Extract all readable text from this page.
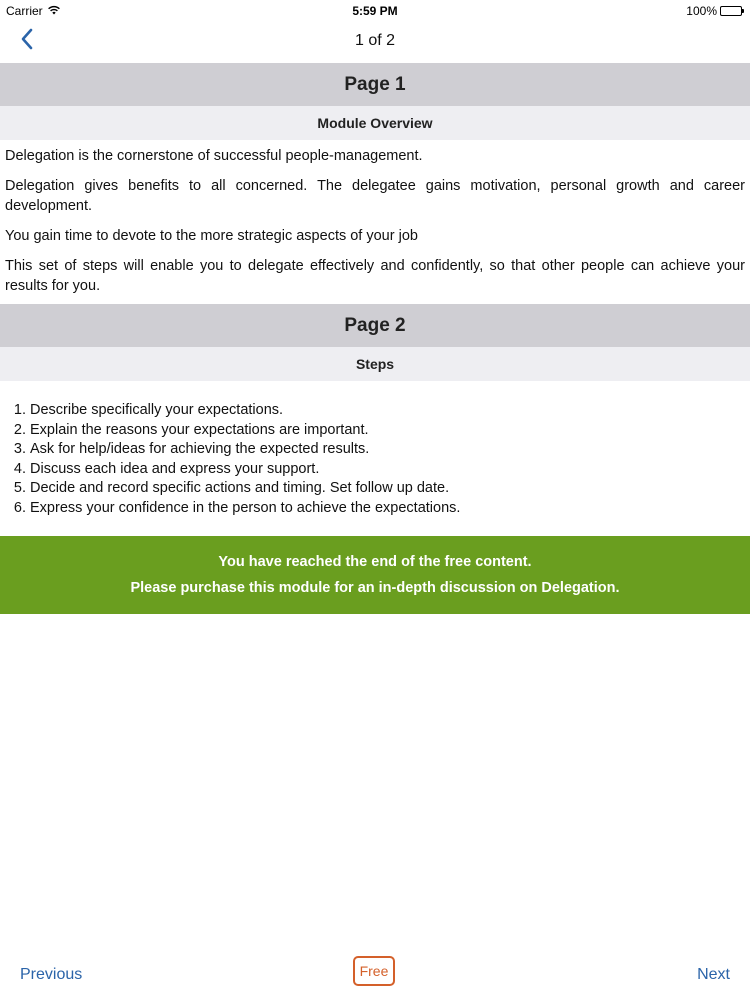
Carrier	5:59 PM	100%
1 of 2
Page 1
Module Overview

Delegation is the cornerstone of successful people-management.

Delegation gives benefits to all concerned. The delegatee gains motivation, personal growth and career development.

You gain time to devote to the more strategic aspects of your job

This set of steps will enable you to delegate effectively and confidently, so that other people can achieve your results for you.

Page 2
Steps
1. Describe specifically your expectations.
2. Explain the reasons your expectations are important.
3. Ask for help/ideas for achieving the expected results.
4. Discuss each idea and express your support.
5. Decide and record specific actions and timing. Set follow up date.
6. Express your confidence in the person to achieve the expectations.
You have reached the end of the free content.
Please purchase this module for an in-depth discussion on Delegation.
Previous	Free	Next
